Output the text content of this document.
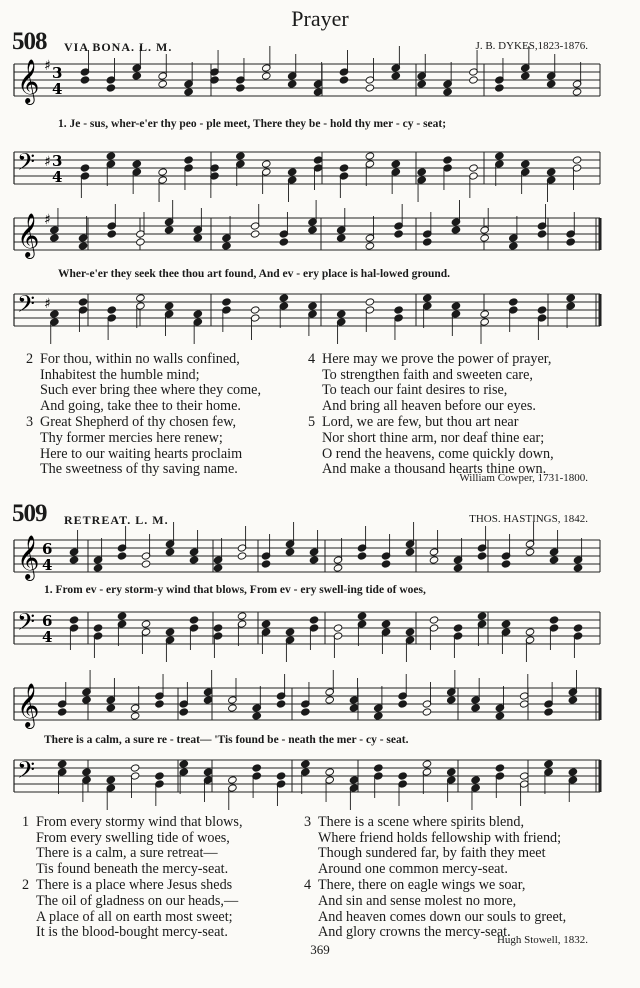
Prayer
508 VIA BONA. L. M.	J. B. DYKES,1823-1876.
𝄞 ♯ 3
4
𝄢 ♯ 3
4
𝄞 ♯
𝄢 ♯
1. Je - sus, wher-e'er thy peo - ple meet, There they be - hold thy mer - cy - seat;
Wher-e'er they seek thee thou art found, And ev - ery place is hal-lowed ground.
2 For thou, within no walls confined,
Inhabitest the humble mind;
Such ever bring thee where they come,
And going, take thee to their home.
3 Great Shepherd of thy chosen few,
Thy former mercies here renew;
Here to our waiting hearts proclaim
The sweetness of thy saving name.
4 Here may we prove the power of prayer,
To strengthen faith and sweeten care,
To teach our faint desires to rise,
And bring all heaven before our eyes.
5 Lord, we are few, but thou art near
Nor short thine arm, nor deaf thine ear;
O rend the heavens, come quickly down,
And make a thousand hearts thine own.
William Cowper, 1731-1800.
509 RETREAT. L. M.	THOS. HASTINGS, 1842.
𝄞 6
4
𝄢 6
4
𝄞
𝄢
1. From ev - ery storm-y wind that blows, From ev - ery swell-ing tide of woes,
There is a calm, a sure re - treat— 'Tis found be - neath the mer - cy - seat.
1 From every stormy wind that blows,
From every swelling tide of woes,
There is a calm, a sure retreat—
Tis found beneath the mercy-seat.
2 There is a place where Jesus sheds
The oil of gladness on our heads,—
A place of all on earth most sweet;
It is the blood-bought mercy-seat.
3 There is a scene where spirits blend,
Where friend holds fellowship with friend;
Though sundered far, by faith they meet
Around one common mercy-seat.
4 There, there on eagle wings we soar,
And sin and sense molest no more,
And heaven comes down our souls to greet,
And glory crowns the mercy-seat.
Hugh Stowell, 1832.
369
